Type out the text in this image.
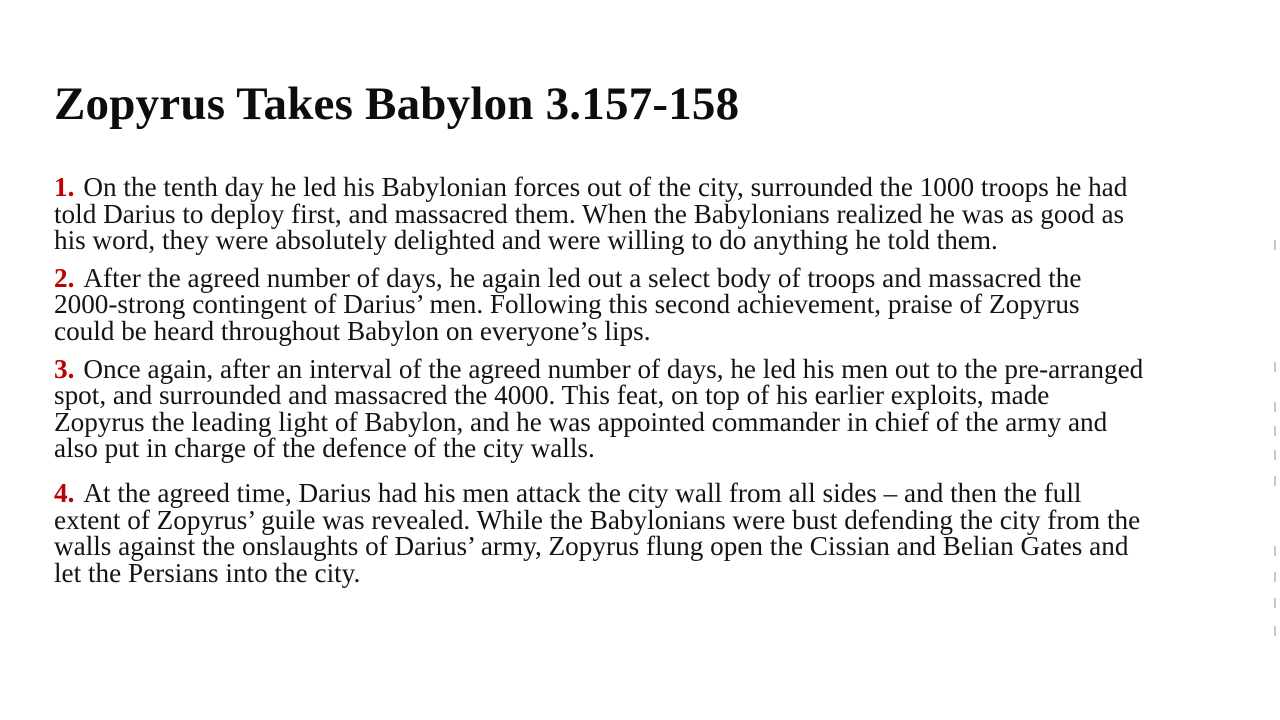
Zopyrus Takes Babylon 3.157-158

1. On the tenth day he led his Babylonian forces out of the city, surrounded the 1000 troops he had told Darius to deploy first, and massacred them. When the Babylonians realized he was as good as his word, they were absolutely delighted and were willing to do anything he told them.

2. After the agreed number of days, he again led out a select body of troops and massacred the 2000-strong contingent of Darius’ men. Following this second achievement, praise of Zopyrus could be heard throughout Babylon on everyone’s lips.

3. Once again, after an interval of the agreed number of days, he led his men out to the pre-arranged spot, and surrounded and massacred the 4000. This feat, on top of his earlier exploits, made Zopyrus the leading light of Babylon, and he was appointed commander in chief of the army and also put in charge of the defence of the city walls.

4. At the agreed time, Darius had his men attack the city wall from all sides – and then the full extent of Zopyrus’ guile was revealed. While the Babylonians were bust defending the city from the walls against the onslaughts of Darius’ army, Zopyrus flung open the Cissian and Belian Gates and let the Persians into the city.
